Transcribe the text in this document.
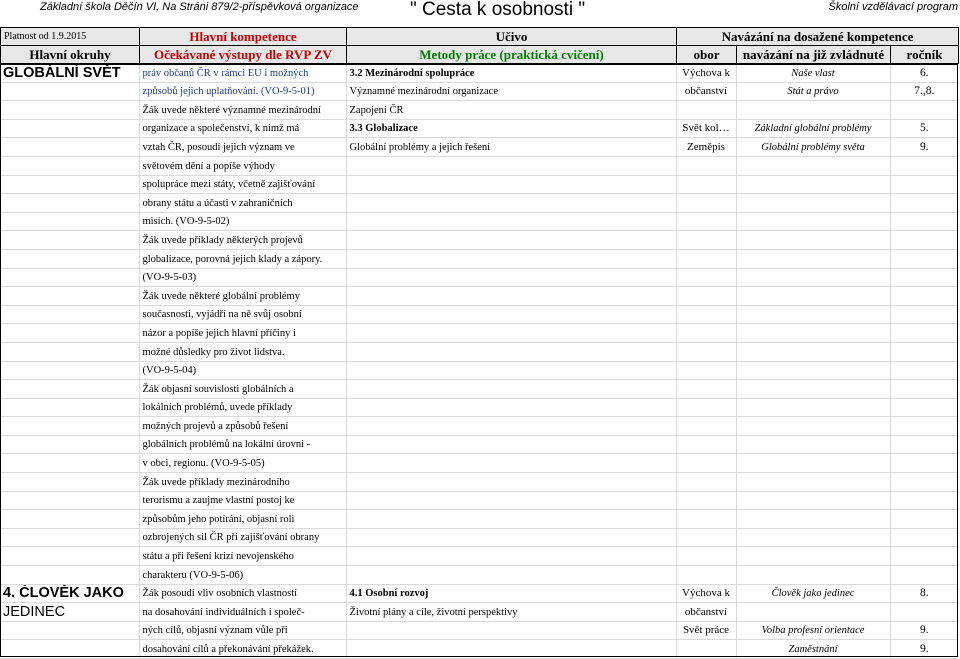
Základní škola Děčín VI, Na Stráni 879/2-příspěvková organizace	" Cesta k osobnosti "	Školní vzdělávací program
Platnost od 1.9.2015	Hlavní kompetence	Učivo	Navázání na dosažené kompetence		
Hlavní okruhy	Očekávané výstupy dle RVP ZV	Metody práce (praktická cvičení)	obor	navázání na již zvládnuté	ročník
GLOBÁLNÍ SVĚT	práv občanů ČR v rámci EU i možných	3.2 Mezinárodní spolupráce	Výchova k	Naše vlast	6.
	způsobů jejich uplatňování. (VO-9-5-01)	Významné mezinárodní organizace	občanství	Stát a právo	7.,8.
	Žák uvede některé významné mezinárodní	Zapojení ČR			
	organizace a společenství, k nimž má	3.3 Globalizace	Svět kol…	Základní globální problémy	5.
	vztah ČR, posoudí jejich význam ve	Globální problémy a jejich řešení	Zeměpis	Globální problémy světa	9.
	světovém dění a popíše výhody				
	spolupráce mezi státy, včetně zajišťování				
	obrany státu a účasti v zahraničních				
	misích. (VO-9-5-02)				
	Žák uvede příklady některých projevů				
	globalizace, porovná jejich klady a zápory.				
	(VO-9-5-03)				
	Žák uvede některé globální problémy				
	současnosti, vyjádří na ně svůj osobní				
	názor a popíše jejich hlavní příčiny i				
	možné důsledky pro život lidstva.				
	(VO-9-5-04)				
	Žák objasní souvislosti globálních a				
	lokálních problémů, uvede příklady				
	možných projevů a způsobů řešení				
	globálních problémů na lokální úrovni -				
	v obci, regionu. (VO-9-5-05)				
	Žák uvede příklady mezinárodního				
	terorismu a zaujme vlastní postoj ke				
	způsobům jeho potírání, objasní roli				
	ozbrojených sil ČR při zajišťování obrany				
	státu a při řešení krizí nevojenského				
	charakteru (VO-9-5-06)				
4. ČLOVĚK JAKO	Žák posoudí vliv osobních vlastností	4.1 Osobní rozvoj	Výchova k	Člověk jako jedinec	8.
JEDINEC	na dosahování individuálních i společ-	Životní plány a cíle, životní perspektivy	občanství		
	ných cílů, objasní význam vůle při		Svět práce	Volba profesní orientace	9.
	dosahování cílů a překonávání překážek.			Zaměstnání	9.
